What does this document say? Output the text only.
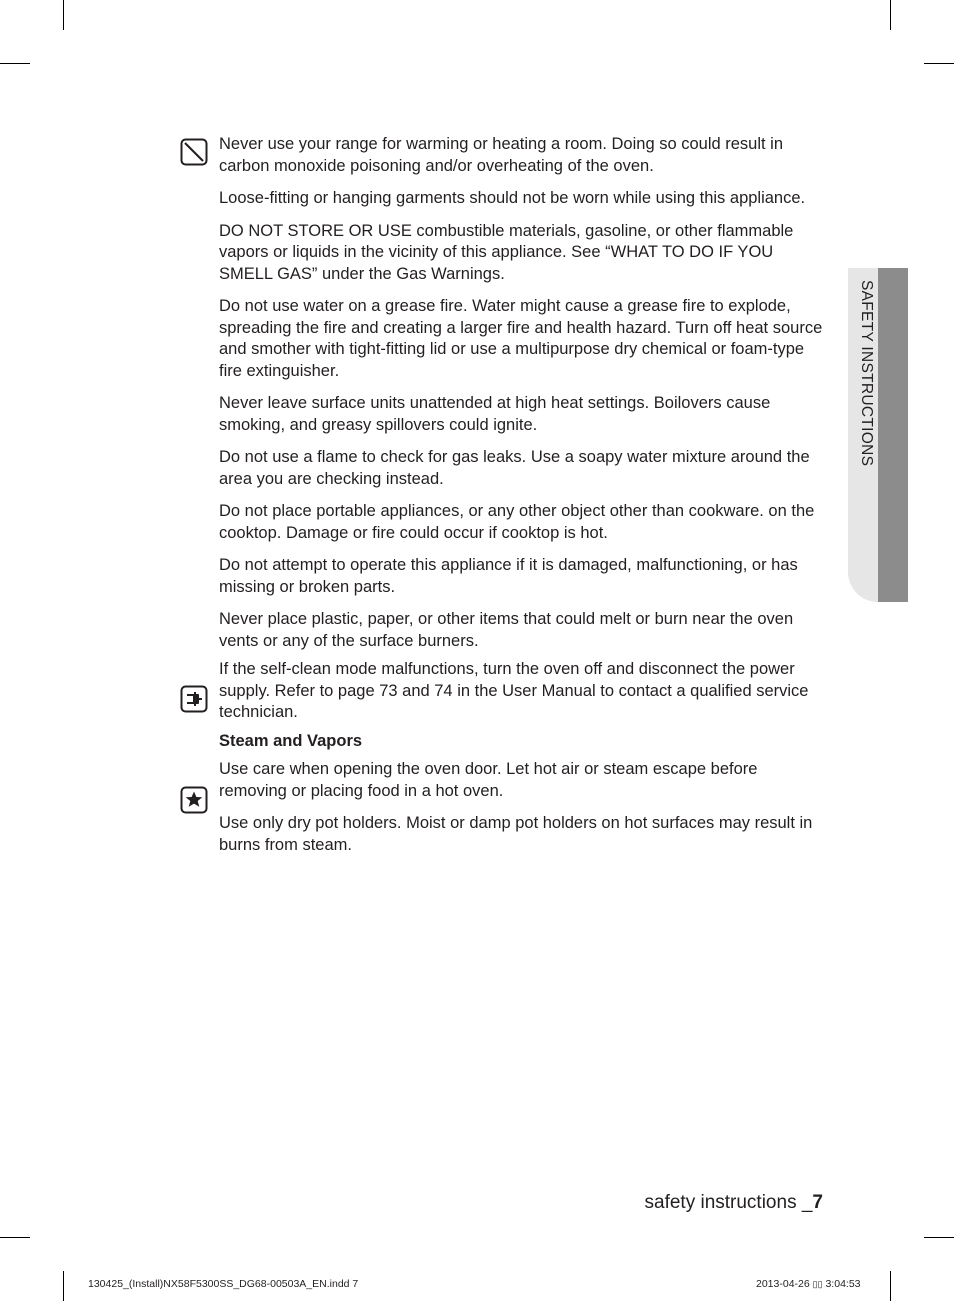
SAFETY INSTRUCTIONS

Never use your range for warming or heating a room. Doing so could result in carbon monoxide poisoning and/or overheating of the oven.

Loose-fitting or hanging garments should not be worn while using this appliance.

DO NOT STORE OR USE combustible materials, gasoline, or other flammable vapors or liquids in the vicinity of this appliance. See “WHAT TO DO IF YOU SMELL GAS” under the Gas Warnings.

Do not use water on a grease fire. Water might cause a grease fire to explode, spreading the fire and creating a larger fire and health hazard. Turn off heat source and smother with tight-fitting lid or use a multipurpose dry chemical or foam-type fire extinguisher.

Never leave surface units unattended at high heat settings. Boilovers cause smoking, and greasy spillovers could ignite.

Do not use a flame to check for gas leaks. Use a soapy water mixture around the area you are checking instead.

Do not place portable appliances, or any other object other than cookware. on the cooktop. Damage or fire could occur if cooktop is hot.

Do not attempt to operate this appliance if it is damaged, malfunctioning, or has missing or broken parts.

Never place plastic, paper, or other items that could melt or burn near the oven vents or any of the surface burners.

If the self-clean mode malfunctions, turn the oven off and disconnect the power supply. Refer to page 73 and 74 in the User Manual to contact a qualified service technician.

Steam and Vapors

Use care when opening the oven door. Let hot air or steam escape before removing or placing food in a hot oven.

Use only dry pot holders. Moist or damp pot holders on hot surfaces may result in burns from steam.

safety instructions _7
130425_(Install)NX58F5300SS_DG68-00503A_EN.indd 7	2013-04-26 ▯▯ 3:04:53
